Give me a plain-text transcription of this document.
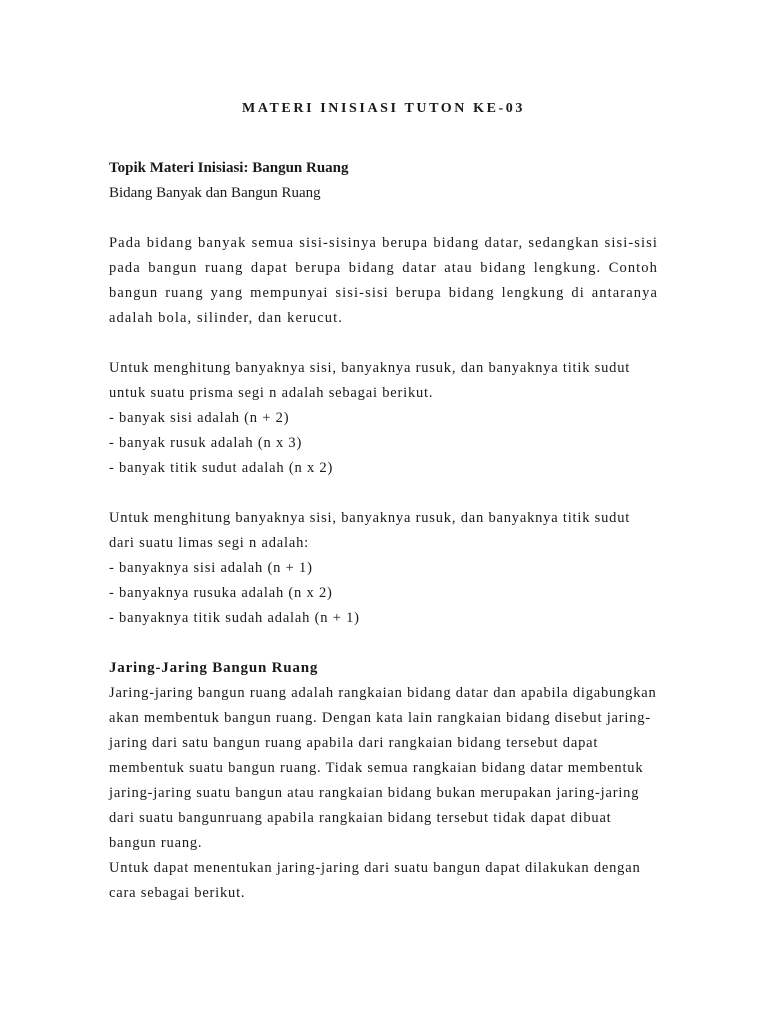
MATERI INISIASI TUTON KE-03

Topik Materi Inisiasi: Bangun Ruang

Bidang Banyak dan Bangun Ruang

Pada bidang banyak semua sisi-sisinya berupa bidang datar, sedangkan sisi-sisi pada bangun ruang dapat berupa bidang datar atau bidang lengkung. Contoh bangun ruang yang mempunyai sisi-sisi berupa bidang lengkung di antaranya adalah bola, silinder, dan kerucut.

Untuk menghitung banyaknya sisi, banyaknya rusuk, dan banyaknya titik sudut untuk suatu prisma segi n adalah sebagai berikut.

- banyak sisi adalah (n + 2)

- banyak rusuk adalah (n x 3)

- banyak titik sudut adalah (n x 2)

Untuk menghitung banyaknya sisi, banyaknya rusuk, dan banyaknya titik sudut dari suatu limas segi n adalah:

- banyaknya sisi adalah (n + 1)

- banyaknya rusuka adalah (n x 2)

- banyaknya titik sudah adalah (n + 1)

Jaring-Jaring Bangun Ruang

Jaring-jaring bangun ruang adalah rangkaian bidang datar dan apabila digabungkan akan membentuk bangun ruang. Dengan kata lain rangkaian bidang disebut jaring-jaring dari satu bangun ruang apabila dari rangkaian bidang tersebut dapat membentuk suatu bangun ruang. Tidak semua rangkaian bidang datar membentuk jaring-jaring suatu bangun atau rangkaian bidang bukan merupakan jaring-jaring dari suatu bangunruang apabila rangkaian bidang tersebut tidak dapat dibuat bangun ruang.

Untuk dapat menentukan jaring-jaring dari suatu bangun dapat dilakukan dengan cara sebagai berikut.
